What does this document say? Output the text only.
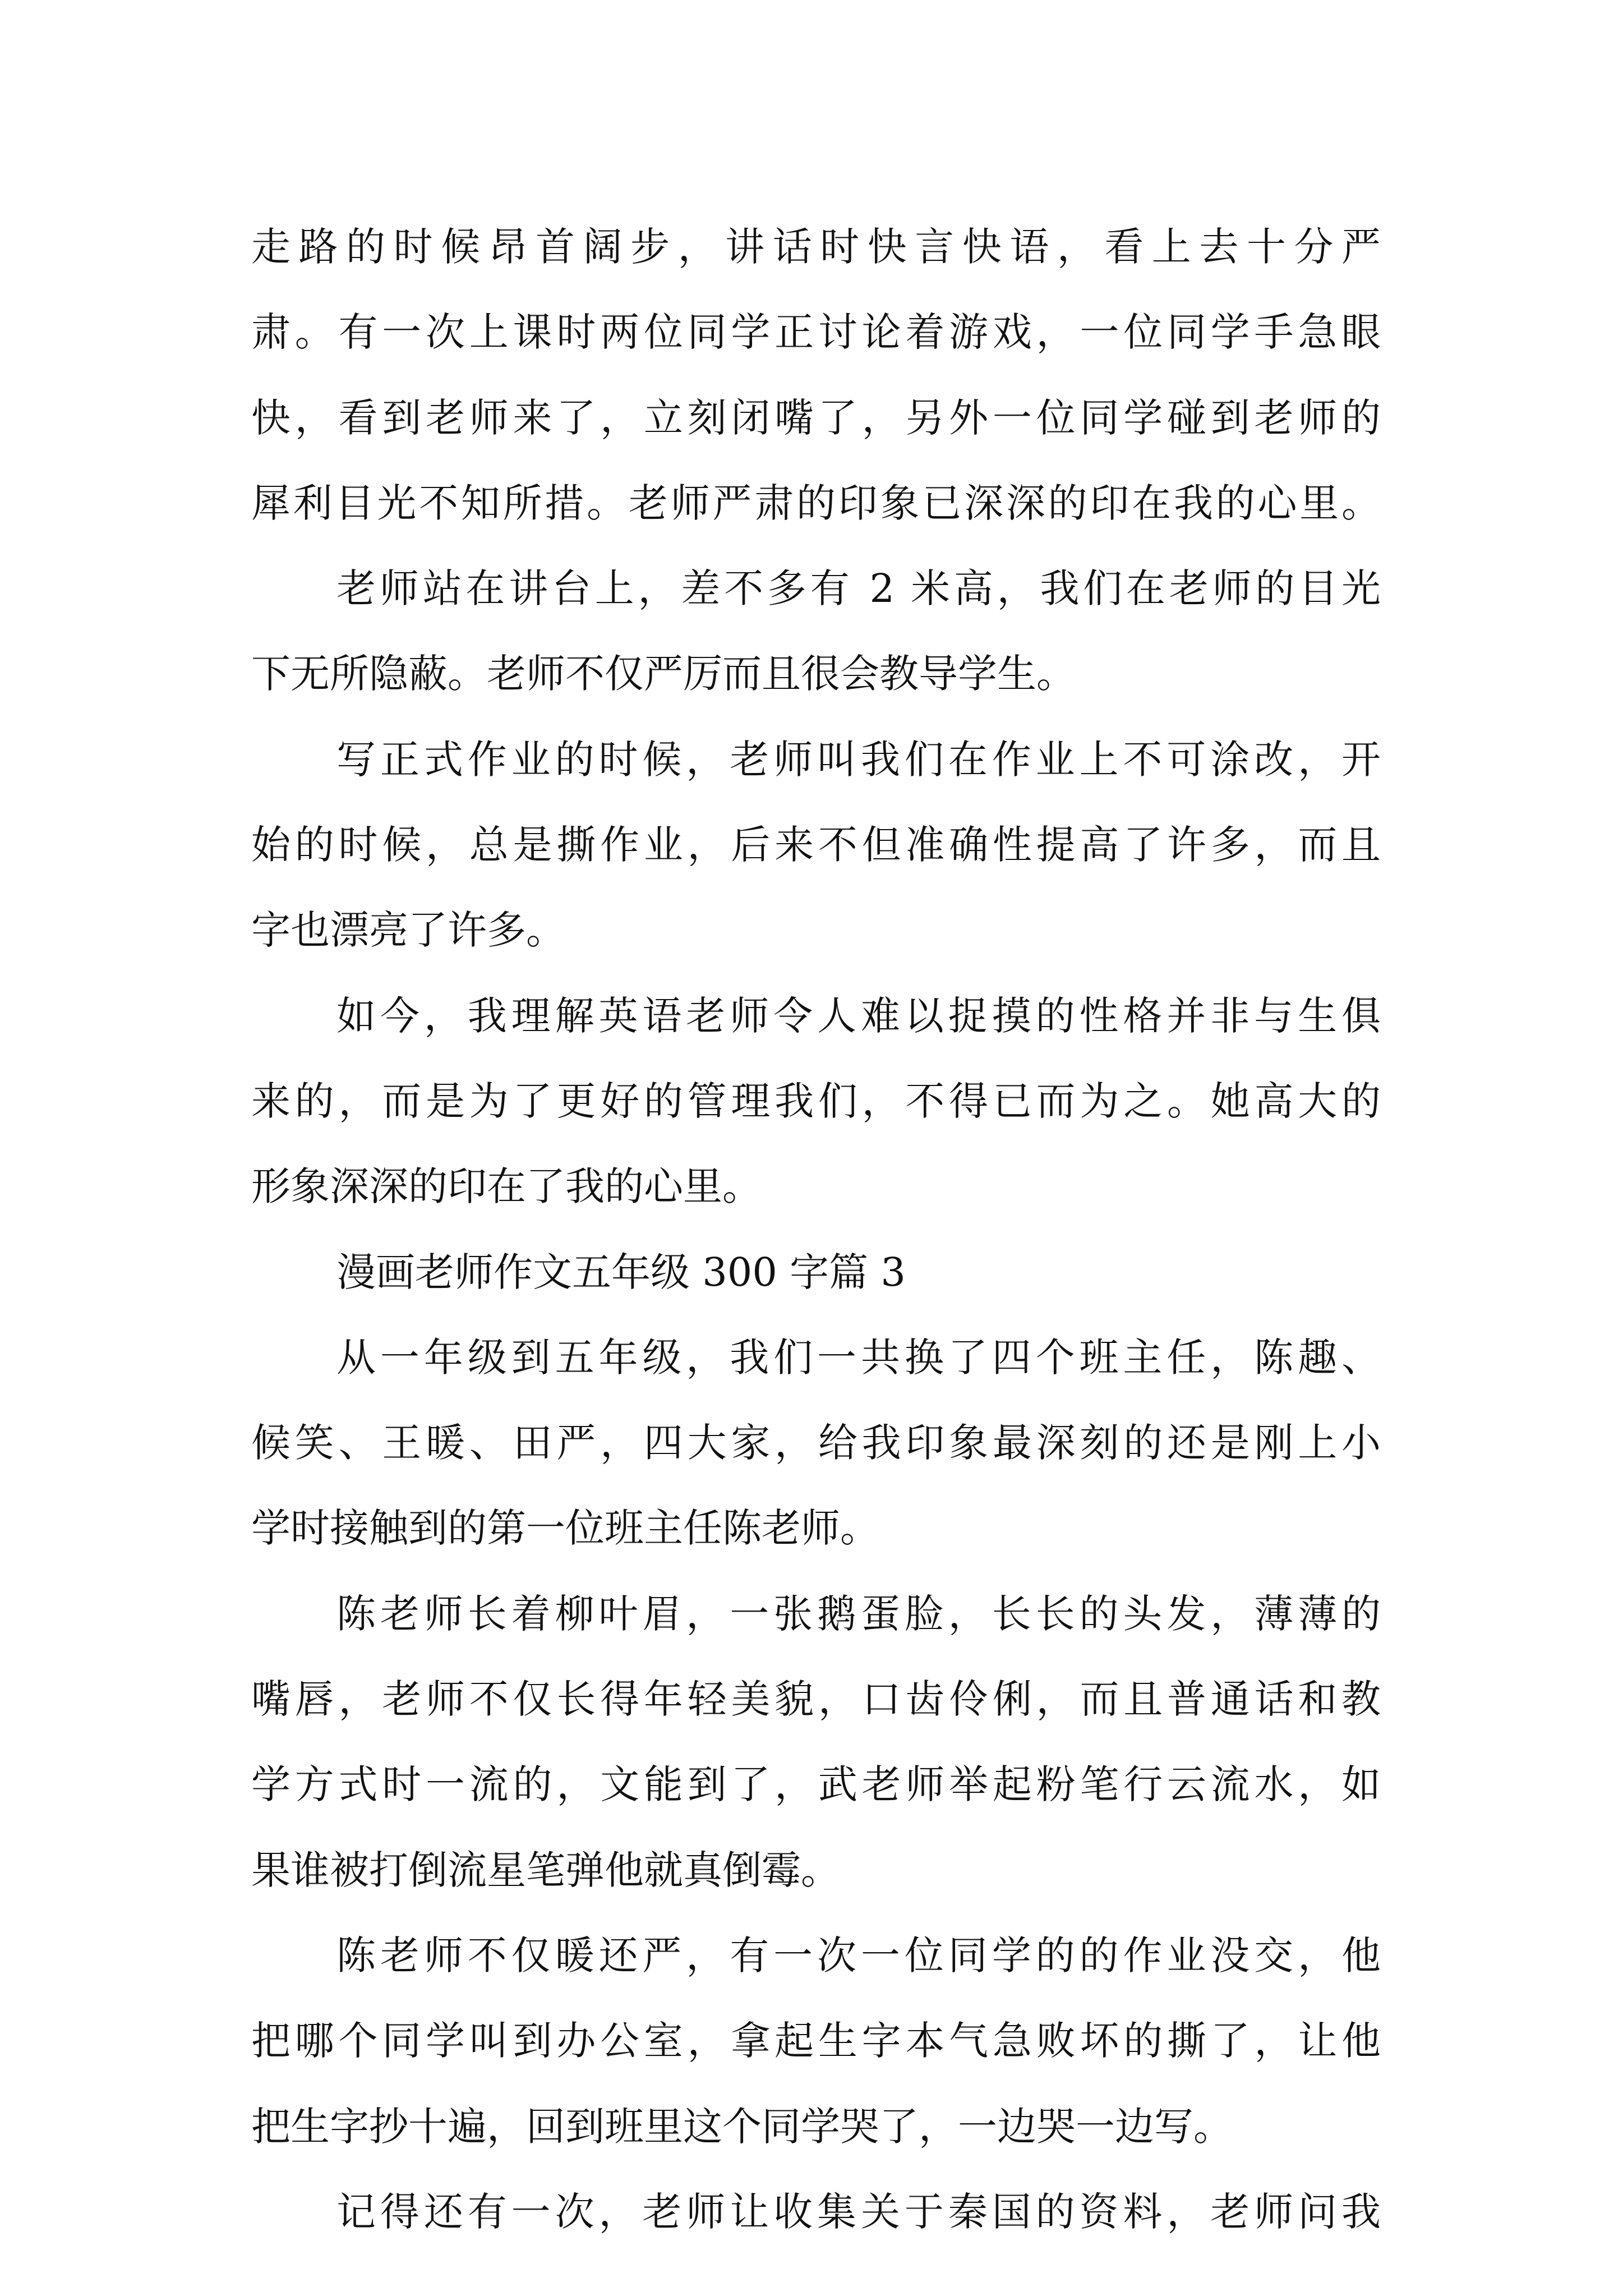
走路的时候昂首阔步，讲话时快言快语，看上去十分严
肃。有一次上课时两位同学正讨论着游戏，一位同学手急眼
快，看到老师来了，立刻闭嘴了，另外一位同学碰到老师的
犀利目光不知所措。老师严肃的印象已深深的印在我的心里。
老师站在讲台上，差不多有 2 米高，我们在老师的目光
下无所隐蔽。老师不仅严厉而且很会教导学生。
写正式作业的时候，老师叫我们在作业上不可涂改，开
始的时候，总是撕作业，后来不但准确性提高了许多，而且
字也漂亮了许多。
如今，我理解英语老师令人难以捉摸的性格并非与生俱
来的，而是为了更好的管理我们，不得已而为之。她高大的
形象深深的印在了我的心里。
漫画老师作文五年级 300 字篇 3
从一年级到五年级，我们一共换了四个班主任，陈趣、
候笑、王暖、田严，四大家，给我印象最深刻的还是刚上小
学时接触到的第一位班主任陈老师。
陈老师长着柳叶眉，一张鹅蛋脸，长长的头发，薄薄的
嘴唇，老师不仅长得年轻美貌，口齿伶俐，而且普通话和教
学方式时一流的，文能到了，武老师举起粉笔行云流水，如
果谁被打倒流星笔弹他就真倒霉。
陈老师不仅暖还严，有一次一位同学的的作业没交，他
把哪个同学叫到办公室，拿起生字本气急败坏的撕了，让他
把生字抄十遍，回到班里这个同学哭了，一边哭一边写。
记得还有一次，老师让收集关于秦国的资料，老师问我
